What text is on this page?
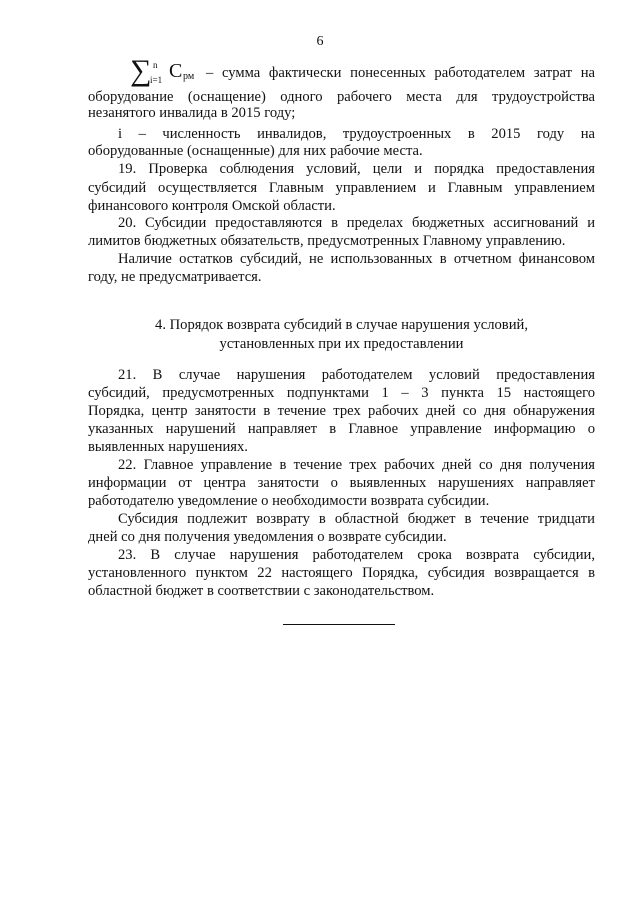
6
∑ n
i=1 С рм – сумма фактически понесенных работодателем затрат на
оборудование (оснащение) одного рабочего места для трудоустройства
незанятого инвалида в 2015 году;
i – численность инвалидов, трудоустроенных в 2015 году на
оборудованные (оснащенные) для них рабочие места.
19. Проверка соблюдения условий, цели и порядка предоставления
субсидий осуществляется Главным управлением и Главным управлением
финансового контроля Омской области.
20. Субсидии предоставляются в пределах бюджетных ассигнований и
лимитов бюджетных обязательств, предусмотренных Главному управлению.
Наличие остатков субсидий, не использованных в отчетном финансовом
году, не предусматривается.
4. Порядок возврата субсидий в случае нарушения условий,
установленных при их предоставлении
21. В случае нарушения работодателем условий предоставления
субсидий, предусмотренных подпунктами 1 – 3 пункта 15 настоящего
Порядка, центр занятости в течение трех рабочих дней со дня обнаружения
указанных нарушений направляет в Главное управление информацию о
выявленных нарушениях.
22. Главное управление в течение трех рабочих дней со дня получения
информации от центра занятости о выявленных нарушениях направляет
работодателю уведомление о необходимости возврата субсидии.
Субсидия подлежит возврату в областной бюджет в течение тридцати
дней со дня получения уведомления о возврате субсидии.
23. В случае нарушения работодателем срока возврата субсидии,
установленного пунктом 22 настоящего Порядка, субсидия возвращается в
областной бюджет в соответствии с законодательством.
